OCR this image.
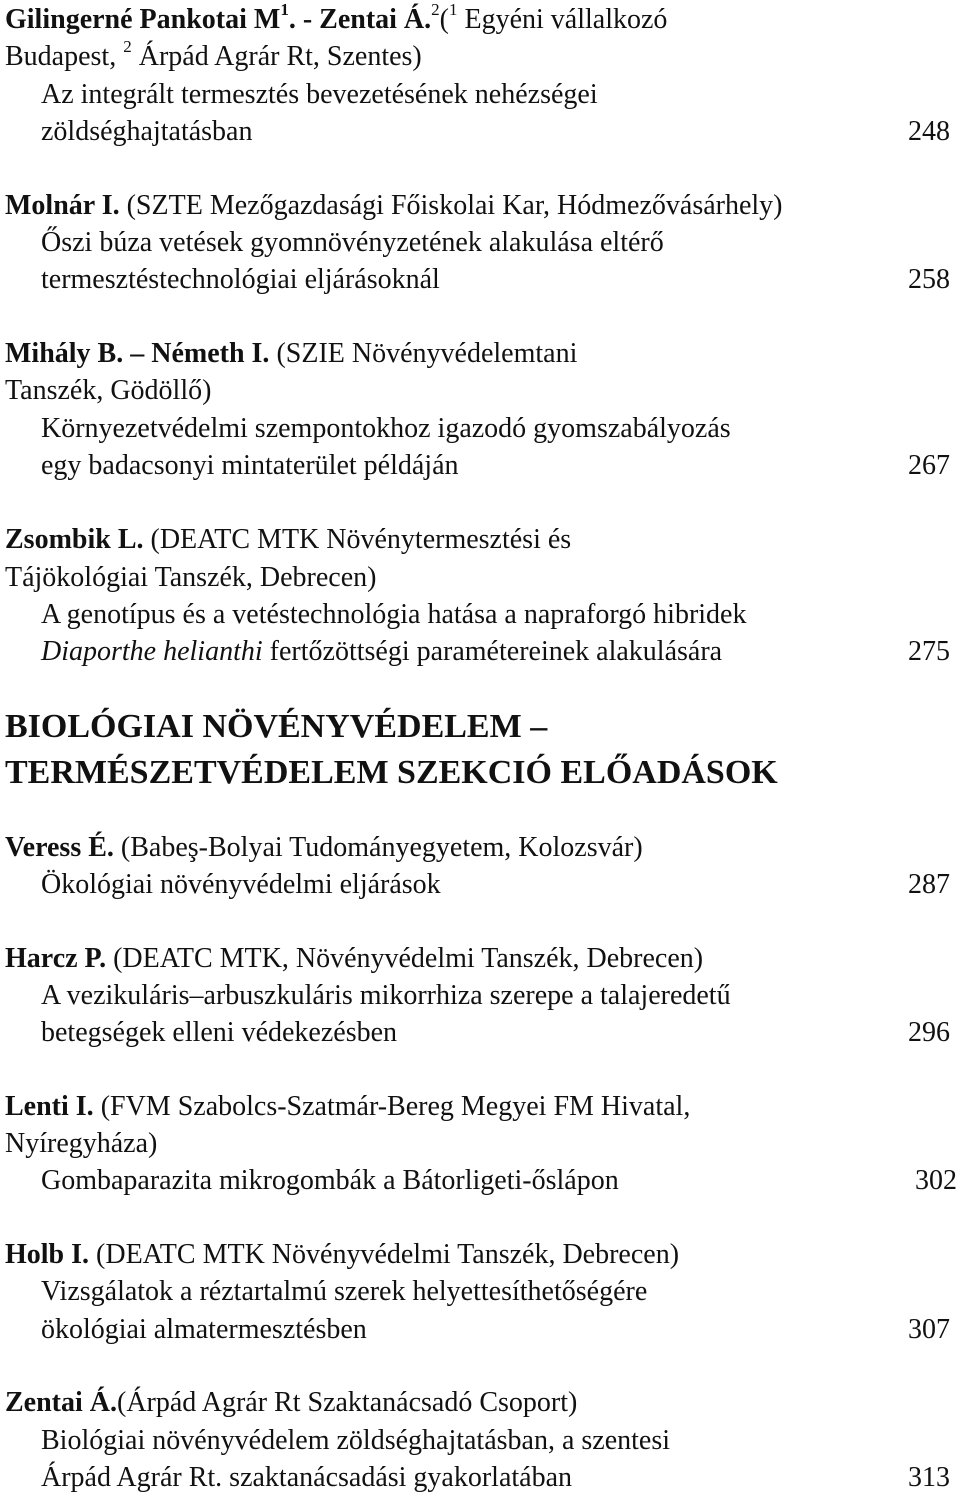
Gilingerné Pankotai $M^1$. - Zentai Á.$^2$($^1$ Egyéni vállalkozó
Budapest, $^2$ Árpád Agrár Rt, Szentes)
Az integrált termesztés bevezetésének nehézségei
zöldséghajtatásban	248
Molnár I. (SZTE Mezőgazdasági Főiskolai Kar, Hódmezővásárhely)
Őszi búza vetések gyomnövényzetének alakulása eltérő
termesztéstechnológiai eljárásoknál	258
Mihály B. – Németh I. (SZIE Növényvédelemtani
Tanszék, Gödöllő)
Környezetvédelmi szempontokhoz igazodó gyomszabályozás
egy badacsonyi mintaterület példáján	267
Zsombik L. (DEATC MTK Növénytermesztési és
Tájökológiai Tanszék, Debrecen)
A genotípus és a vetéstechnológia hatása a napraforgó hibridek
Diaporthe helianthi fertőzöttségi paramétereinek alakulására	275
BIOLÓGIAI NÖVÉNYVÉDELEM –
TERMÉSZETVÉDELEM SZEKCIÓ ELŐADÁSOK
Veress É. (Babeş-Bolyai Tudományegyetem, Kolozsvár)
Ökológiai növényvédelmi eljárások	287
Harcz P. (DEATC MTK, Növényvédelmi Tanszék, Debrecen)
A vezikuláris–arbuszkuláris mikorrhiza szerepe a talajeredetű
betegségek elleni védekezésben	296
Lenti I. (FVM Szabolcs-Szatmár-Bereg Megyei FM Hivatal,
Nyíregyháza)
Gombaparazita mikrogombák a Bátorligeti-őslápon	302
Holb I. (DEATC MTK Növényvédelmi Tanszék, Debrecen)
Vizsgálatok a réztartalmú szerek helyettesíthetőségére
ökológiai almatermesztésben	307
Zentai Á.(Árpád Agrár Rt Szaktanácsadó Csoport)
Biológiai növényvédelem zöldséghajtatásban, a szentesi
Árpád Agrár Rt. szaktanácsadási gyakorlatában	313
